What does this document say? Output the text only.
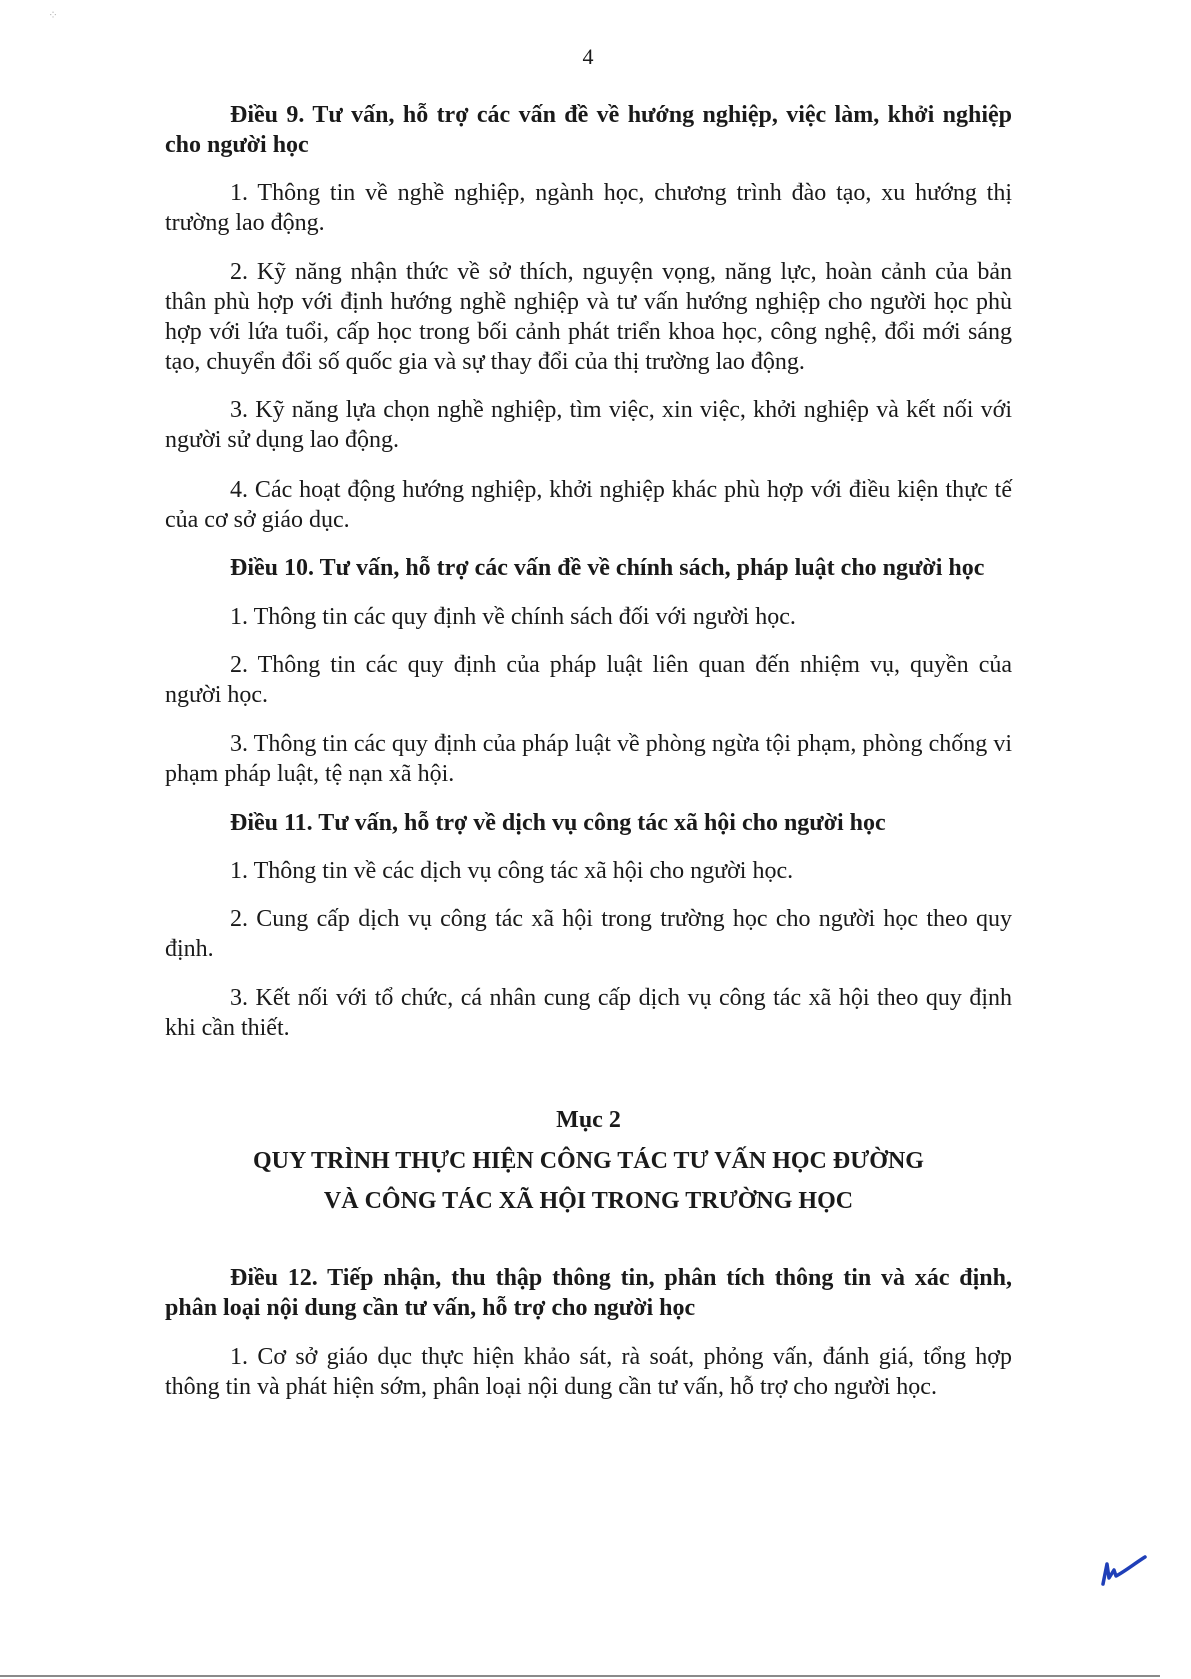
4

Điều 9. Tư vấn, hỗ trợ các vấn đề về hướng nghiệp, việc làm, khởi nghiệp cho người học

1. Thông tin về nghề nghiệp, ngành học, chương trình đào tạo, xu hướng thị trường lao động.

2. Kỹ năng nhận thức về sở thích, nguyện vọng, năng lực, hoàn cảnh của bản thân phù hợp với định hướng nghề nghiệp và tư vấn hướng nghiệp cho người học phù hợp với lứa tuổi, cấp học trong bối cảnh phát triển khoa học, công nghệ, đổi mới sáng tạo, chuyển đổi số quốc gia và sự thay đổi của thị trường lao động.

3. Kỹ năng lựa chọn nghề nghiệp, tìm việc, xin việc, khởi nghiệp và kết nối với người sử dụng lao động.

4. Các hoạt động hướng nghiệp, khởi nghiệp khác phù hợp với điều kiện thực tế của cơ sở giáo dục.

Điều 10. Tư vấn, hỗ trợ các vấn đề về chính sách, pháp luật cho người học

1. Thông tin các quy định về chính sách đối với người học.

2. Thông tin các quy định của pháp luật liên quan đến nhiệm vụ, quyền của người học.

3. Thông tin các quy định của pháp luật về phòng ngừa tội phạm, phòng chống vi phạm pháp luật, tệ nạn xã hội.

Điều 11. Tư vấn, hỗ trợ về dịch vụ công tác xã hội cho người học

1. Thông tin về các dịch vụ công tác xã hội cho người học.

2. Cung cấp dịch vụ công tác xã hội trong trường học cho người học theo quy định.

3. Kết nối với tổ chức, cá nhân cung cấp dịch vụ công tác xã hội theo quy định khi cần thiết.

Mục 2

QUY TRÌNH THỰC HIỆN CÔNG TÁC TƯ VẤN HỌC ĐƯỜNG
VÀ CÔNG TÁC XÃ HỘI TRONG TRƯỜNG HỌC

Điều 12. Tiếp nhận, thu thập thông tin, phân tích thông tin và xác định, phân loại nội dung cần tư vấn, hỗ trợ cho người học

1. Cơ sở giáo dục thực hiện khảo sát, rà soát, phỏng vấn, đánh giá, tổng hợp thông tin và phát hiện sớm, phân loại nội dung cần tư vấn, hỗ trợ cho người học.

⁘
